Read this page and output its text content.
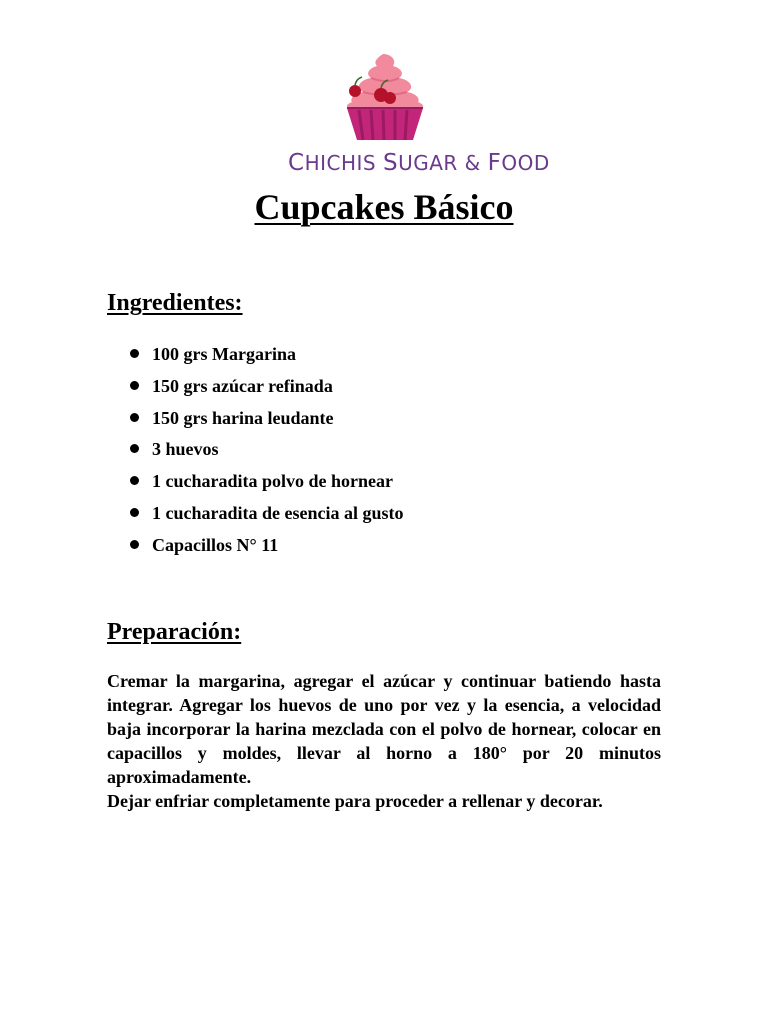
CHICHIS SUGAR & FOOD
Cupcakes Básico
Ingredientes:
100 grs Margarina
150 grs azúcar refinada
150 grs harina leudante
3 huevos
1 cucharadita polvo de hornear
1 cucharadita de esencia al gusto
Capacillos N° 11
Preparación:

Cremar la margarina, agregar el azúcar y continuar batiendo hasta integrar. Agregar los huevos de uno por vez y la esencia, a velocidad baja incorporar la harina mezclada con el polvo de hornear, colocar en capacillos y moldes, llevar al horno a 180° por 20 minutos aproximadamente.

Dejar enfriar completamente para proceder a rellenar y decorar.
